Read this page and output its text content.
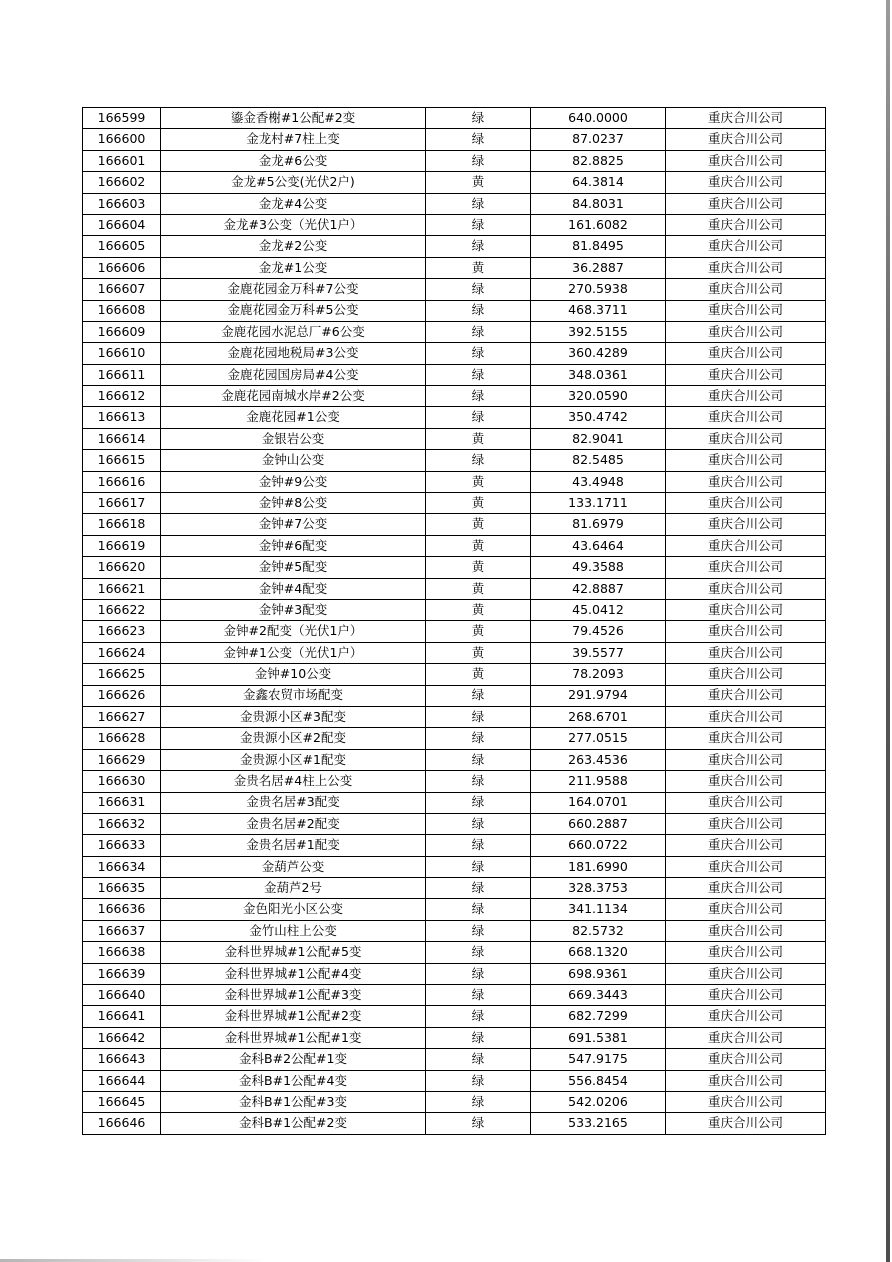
166599	鎏金香榭#1公配#2变	绿	640.0000	重庆合川公司
166600	金龙村#7柱上变	绿	87.0237	重庆合川公司
166601	金龙#6公变	绿	82.8825	重庆合川公司
166602	金龙#5公变(光伏2户)	黄	64.3814	重庆合川公司
166603	金龙#4公变	绿	84.8031	重庆合川公司
166604	金龙#3公变（光伏1户）	绿	161.6082	重庆合川公司
166605	金龙#2公变	绿	81.8495	重庆合川公司
166606	金龙#1公变	黄	36.2887	重庆合川公司
166607	金鹿花园金万科#7公变	绿	270.5938	重庆合川公司
166608	金鹿花园金万科#5公变	绿	468.3711	重庆合川公司
166609	金鹿花园水泥总厂#6公变	绿	392.5155	重庆合川公司
166610	金鹿花园地税局#3公变	绿	360.4289	重庆合川公司
166611	金鹿花园国房局#4公变	绿	348.0361	重庆合川公司
166612	金鹿花园南城水岸#2公变	绿	320.0590	重庆合川公司
166613	金鹿花园#1公变	绿	350.4742	重庆合川公司
166614	金银岩公变	黄	82.9041	重庆合川公司
166615	金钟山公变	绿	82.5485	重庆合川公司
166616	金钟#9公变	黄	43.4948	重庆合川公司
166617	金钟#8公变	黄	133.1711	重庆合川公司
166618	金钟#7公变	黄	81.6979	重庆合川公司
166619	金钟#6配变	黄	43.6464	重庆合川公司
166620	金钟#5配变	黄	49.3588	重庆合川公司
166621	金钟#4配变	黄	42.8887	重庆合川公司
166622	金钟#3配变	黄	45.0412	重庆合川公司
166623	金钟#2配变（光伏1户）	黄	79.4526	重庆合川公司
166624	金钟#1公变（光伏1户）	黄	39.5577	重庆合川公司
166625	金钟#10公变	黄	78.2093	重庆合川公司
166626	金鑫农贸市场配变	绿	291.9794	重庆合川公司
166627	金贵源小区#3配变	绿	268.6701	重庆合川公司
166628	金贵源小区#2配变	绿	277.0515	重庆合川公司
166629	金贵源小区#1配变	绿	263.4536	重庆合川公司
166630	金贵名居#4柱上公变	绿	211.9588	重庆合川公司
166631	金贵名居#3配变	绿	164.0701	重庆合川公司
166632	金贵名居#2配变	绿	660.2887	重庆合川公司
166633	金贵名居#1配变	绿	660.0722	重庆合川公司
166634	金葫芦公变	绿	181.6990	重庆合川公司
166635	金葫芦2号	绿	328.3753	重庆合川公司
166636	金色阳光小区公变	绿	341.1134	重庆合川公司
166637	金竹山柱上公变	绿	82.5732	重庆合川公司
166638	金科世界城#1公配#5变	绿	668.1320	重庆合川公司
166639	金科世界城#1公配#4变	绿	698.9361	重庆合川公司
166640	金科世界城#1公配#3变	绿	669.3443	重庆合川公司
166641	金科世界城#1公配#2变	绿	682.7299	重庆合川公司
166642	金科世界城#1公配#1变	绿	691.5381	重庆合川公司
166643	金科B#2公配#1变	绿	547.9175	重庆合川公司
166644	金科B#1公配#4变	绿	556.8454	重庆合川公司
166645	金科B#1公配#3变	绿	542.0206	重庆合川公司
166646	金科B#1公配#2变	绿	533.2165	重庆合川公司
